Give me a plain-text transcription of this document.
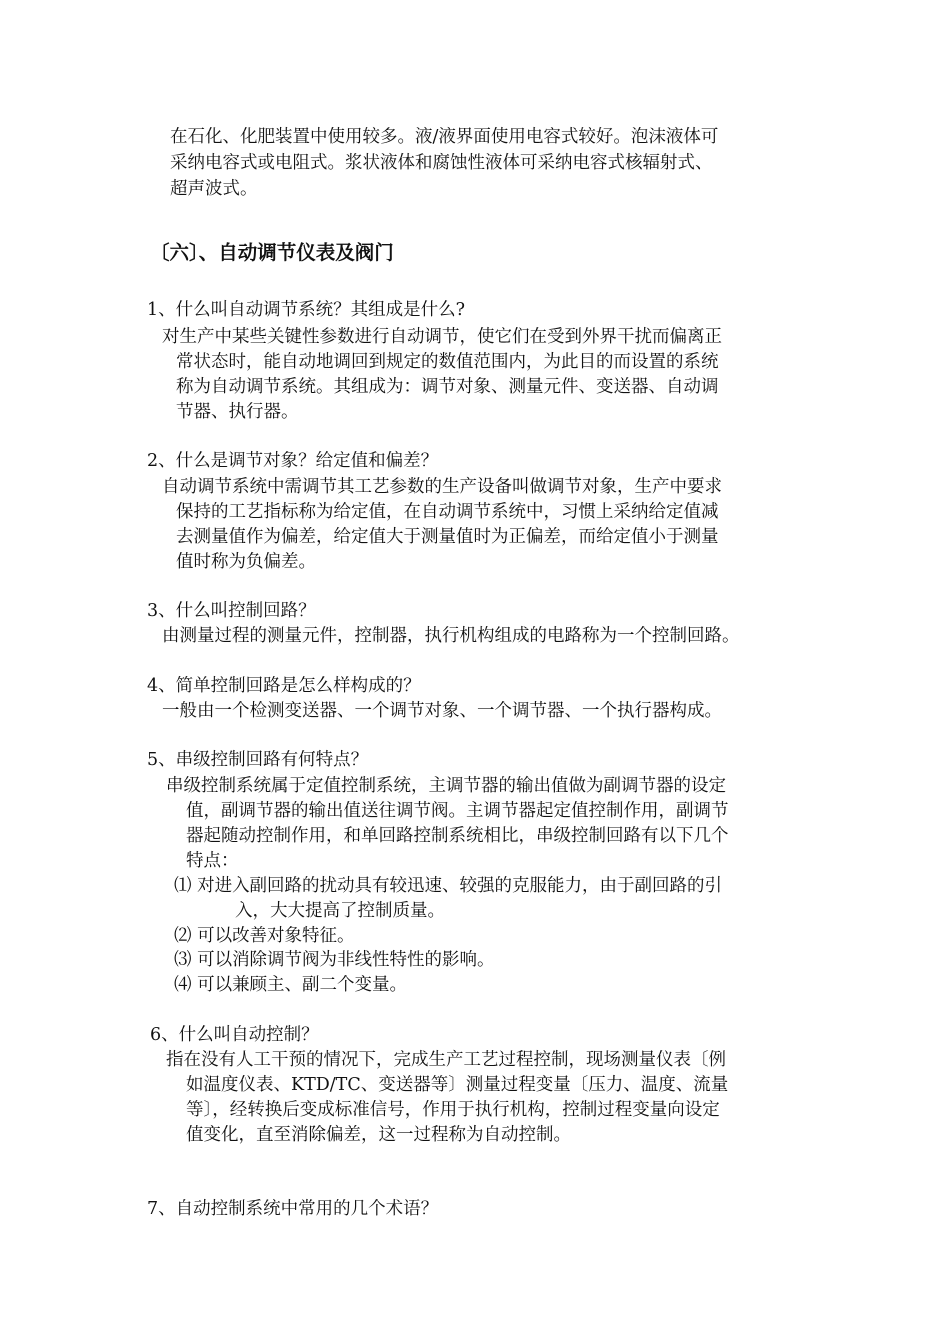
在石化、化肥装置中使用较多。液/液界面使用电容式较好。泡沫液体可
采纳电容式或电阻式。浆状液体和腐蚀性液体可采纳电容式核辐射式、
超声波式。
〔六〕、自动调节仪表及阀门
1、什么叫自动调节系统？其组成是什么?
对生产中某些关键性参数进行自动调节，使它们在受到外界干扰而偏离正
常状态时，能自动地调回到规定的数值范围内，为此目的而设置的系统
称为自动调节系统。其组成为：调节对象、测量元件、变送器、自动调
节器、执行器。
2、什么是调节对象？给定值和偏差？
自动调节系统中需调节其工艺参数的生产设备叫做调节对象，生产中要求
保持的工艺指标称为给定值，在自动调节系统中，习惯上采纳给定值减
去测量值作为偏差，给定值大于测量值时为正偏差，而给定值小于测量
值时称为负偏差。
3、什么叫控制回路？
由测量过程的测量元件，控制器，执行机构组成的电路称为一个控制回路。
4、简单控制回路是怎么样构成的？
一般由一个检测变送器、一个调节对象、一个调节器、一个执行器构成。
5、串级控制回路有何特点？
串级控制系统属于定值控制系统，主调节器的输出值做为副调节器的设定
值，副调节器的输出值送往调节阀。主调节器起定值控制作用，副调节
器起随动控制作用，和单回路控制系统相比，串级控制回路有以下几个
特点：
⑴ 对进入副回路的扰动具有较迅速、较强的克服能力，由于副回路的引
入，大大提高了控制质量。
⑵ 可以改善对象特征。
⑶ 可以消除调节阀为非线性特性的影响。
⑷ 可以兼顾主、副二个变量。
6、什么叫自动控制？
指在没有人工干预的情况下，完成生产工艺过程控制，现场测量仪表〔例
如温度仪表、KTD/TC、变送器等〕测量过程变量〔压力、温度、流量
等〕，经转换后变成标准信号，作用于执行机构，控制过程变量向设定
值变化，直至消除偏差，这一过程称为自动控制。
7、自动控制系统中常用的几个术语？
